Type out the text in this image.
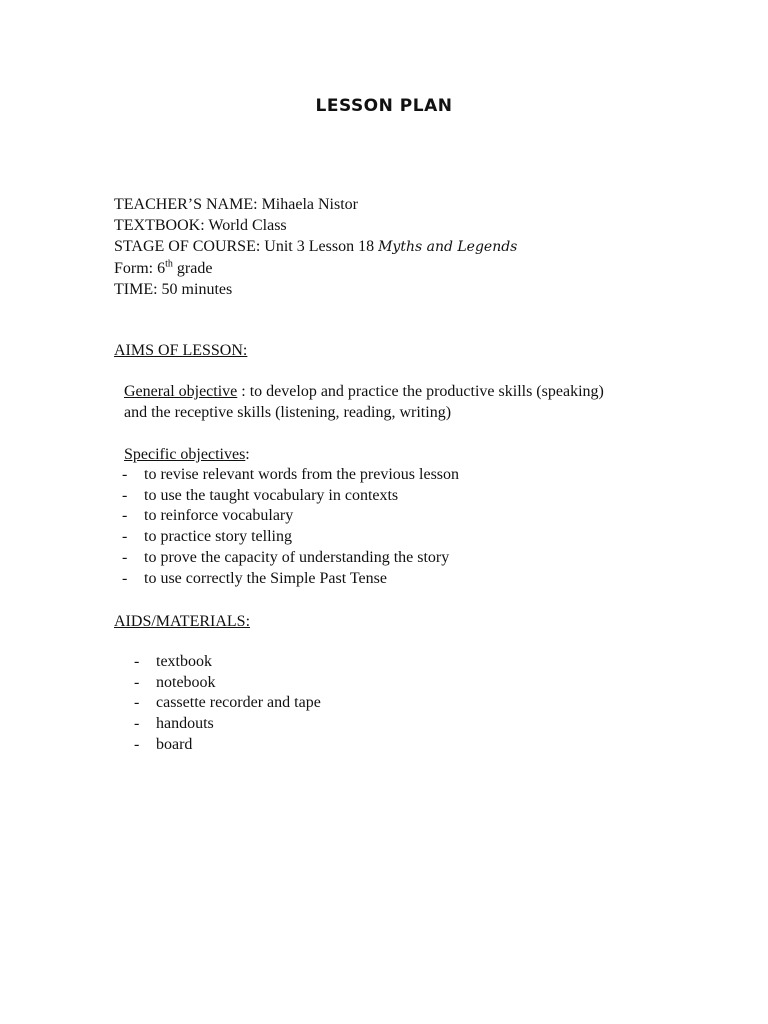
LESSON PLAN
TEACHER’S NAME: Mihaela Nistor
TEXTBOOK: World Class
STAGE OF COURSE: Unit 3 Lesson 18 Myths and Legends
Form: 6th grade
TIME: 50 minutes
AIMS OF LESSON:
General objective : to develop and practice the productive skills (speaking)
and the receptive skills (listening, reading, writing)
Specific objectives:
- to revise relevant words from the previous lesson
- to use the taught vocabulary in contexts
- to reinforce vocabulary
- to practice story telling
- to prove the capacity of understanding the story
- to use correctly the Simple Past Tense
AIDS/MATERIALS:
- textbook
- notebook
- cassette recorder and tape
- handouts
- board
